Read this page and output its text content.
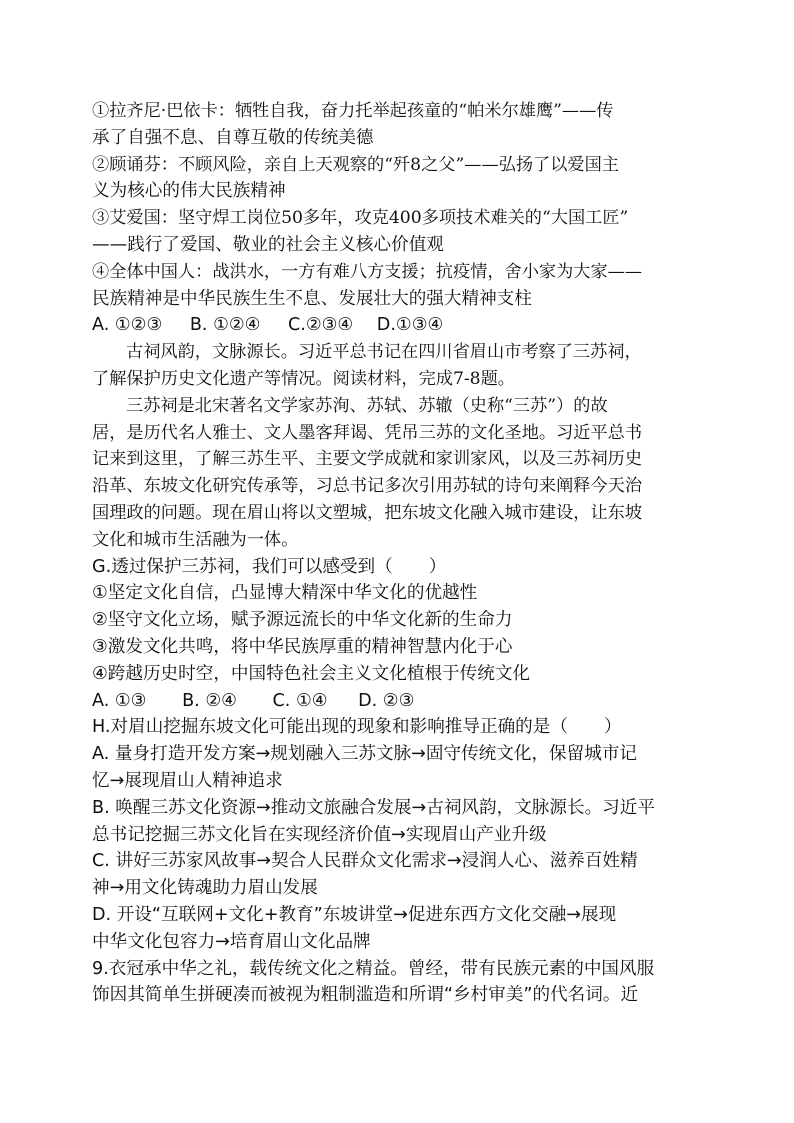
①拉齐尼·巴依卡：牺牲自我，奋力托举起孩童的“帕米尔雄鹰”——传
承了自强不息、自尊互敬的传统美德
②顾诵芬：不顾风险，亲自上天观察的“歼8之父”——弘扬了以爱国主
义为核心的伟大民族精神
③艾爱国：坚守焊工岗位50多年，攻克400多项技术难关的“大国工匠”
——践行了爱国、敬业的社会主义核心价值观
④全体中国人：战洪水，一方有难八方支援；抗疫情，舍小家为大家——
民族精神是中华民族生生不息、发展壮大的强大精神支柱
A. ①②③ B. ①②④ C.②③④ D.①③④
古祠风韵，文脉源长。习近平总书记在四川省眉山市考察了三苏祠，
了解保护历史文化遗产等情况。阅读材料，完成7-8题。
三苏祠是北宋著名文学家苏洵、苏轼、苏辙（史称“三苏”）的故
居，是历代名人雅士、文人墨客拜谒、凭吊三苏的文化圣地。习近平总书
记来到这里，了解三苏生平、主要文学成就和家训家风，以及三苏祠历史
沿革、东坡文化研究传承等，习总书记多次引用苏轼的诗句来阐释今天治
国理政的问题。现在眉山将以文塑城，把东坡文化融入城市建设，让东坡
文化和城市生活融为一体。
G.透过保护三苏祠，我们可以感受到（ ）
①坚定文化自信，凸显博大精深中华文化的优越性
②坚守文化立场，赋予源远流长的中华文化新的生命力
③激发文化共鸣，将中华民族厚重的精神智慧内化于心
④跨越历史时空，中国特色社会主义文化植根于传统文化
A. ①③ B. ②④ C. ①④ D. ②③
H.对眉山挖掘东坡文化可能出现的现象和影响推导正确的是（ ）
A. 量身打造开发方案→规划融入三苏文脉→固守传统文化，保留城市记
忆→展现眉山人精神追求
B. 唤醒三苏文化资源→推动文旅融合发展→古祠风韵，文脉源长。习近平
总书记挖掘三苏文化旨在实现经济价值→实现眉山产业升级
C. 讲好三苏家风故事→契合人民群众文化需求→浸润人心、滋养百姓精
神→用文化铸魂助力眉山发展
D. 开设“互联网+文化+教育”东坡讲堂→促进东西方文化交融→展现
中华文化包容力→培育眉山文化品牌
9.衣冠承中华之礼，载传统文化之精益。曾经，带有民族元素的中国风服
饰因其简单生拼硬凑而被视为粗制滥造和所谓“乡村审美”的代名词。近
